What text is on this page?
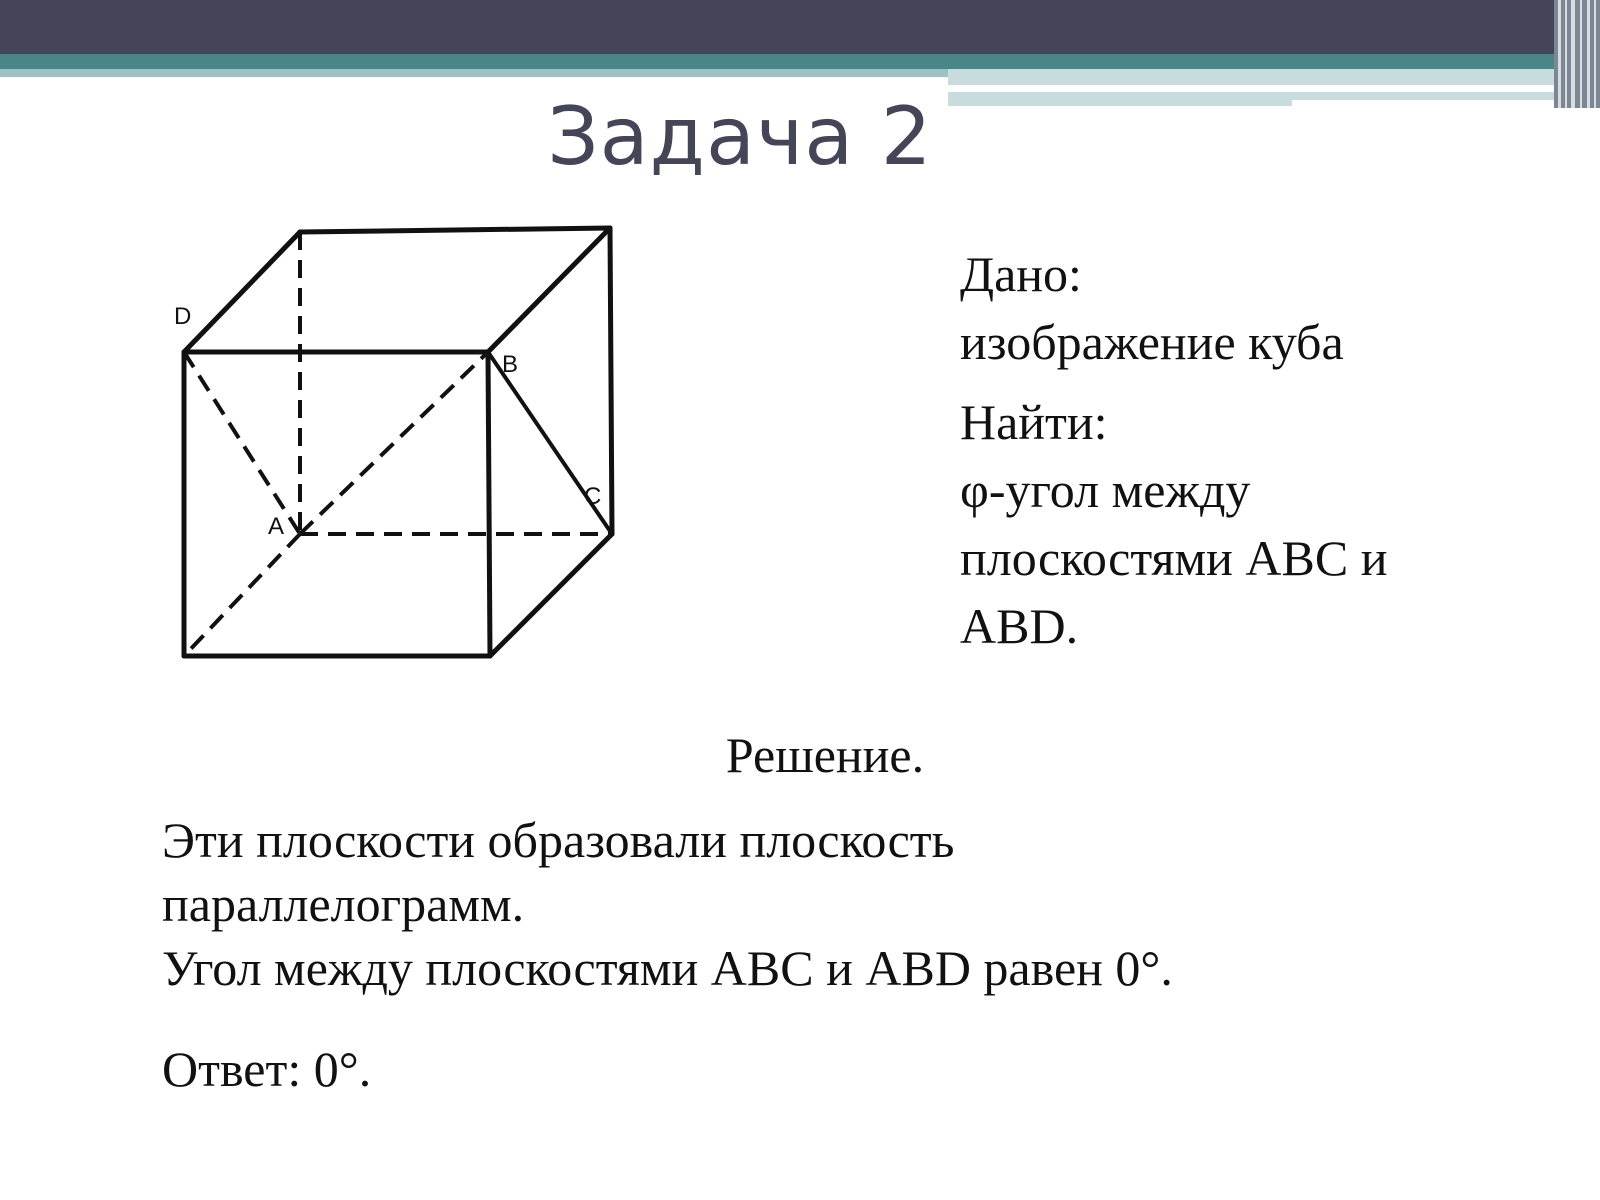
Задача 2
D
B
C
A
Дано:
изображение куба
Найти:
φ-угол между
плоскостями ABC и
ABD.
Решение.
Эти плоскости образовали плоскость
параллелограмм.
Угол между плоскостями ABC и ABD равен 0°.
Ответ: 0°.
